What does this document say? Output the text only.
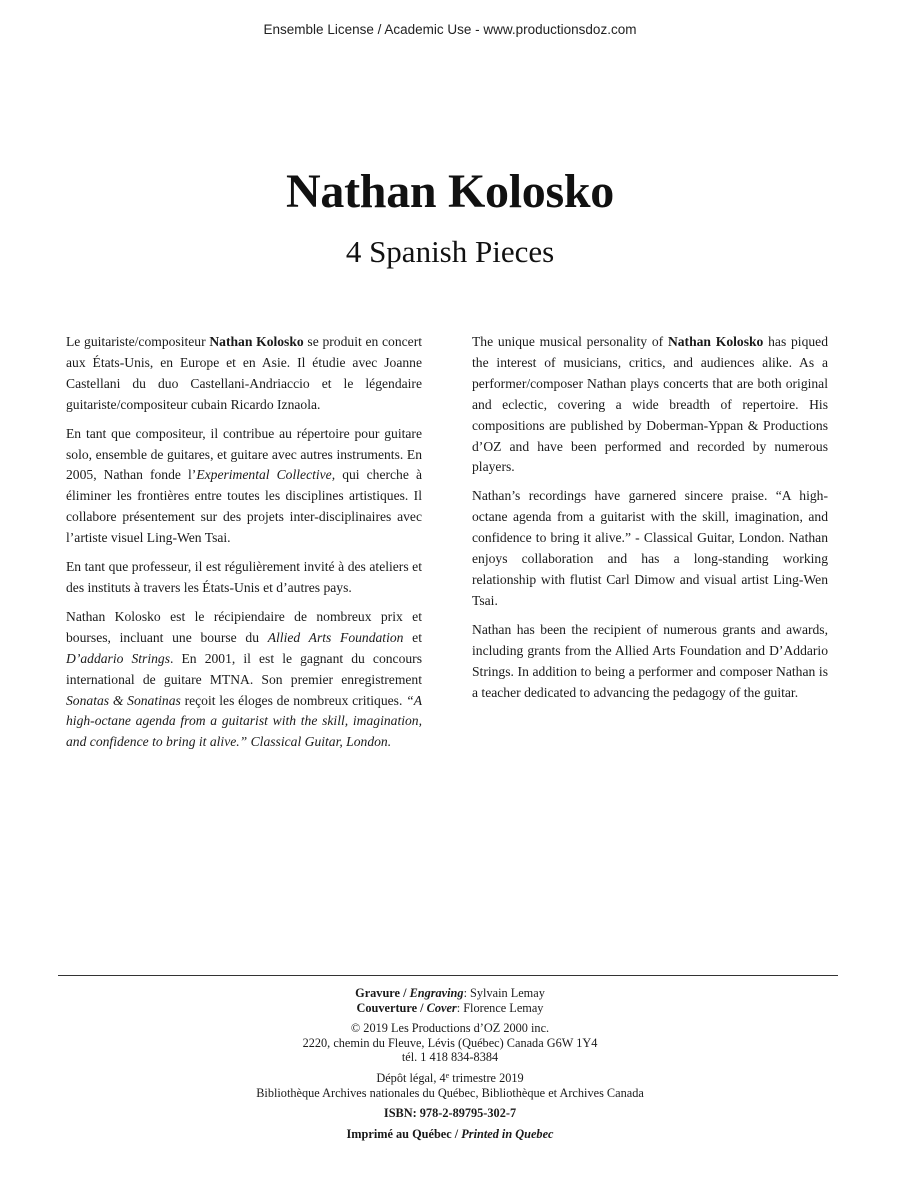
Ensemble License / Academic Use - www.productionsdoz.com
Nathan Kolosko
4 Spanish Pieces

Le guitariste/compositeur Nathan Kolosko se produit en concert aux États-Unis, en Europe et en Asie. Il étudie avec Joanne Castellani du duo Castellani-Andriaccio et le légendaire guitariste/compositeur cubain Ricardo Iznaola.

En tant que compositeur, il contribue au répertoire pour guitare solo, ensemble de guitares, et guitare avec autres instruments. En 2005, Nathan fonde l’Experimental Collective, qui cherche à éliminer les frontières entre toutes les disciplines artistiques. Il collabore présentement sur des projets inter-disciplinaires avec l’artiste visuel Ling-Wen Tsai.

En tant que professeur, il est régulièrement invité à des ateliers et des instituts à travers les États-Unis et d’autres pays.

Nathan Kolosko est le récipiendaire de nombreux prix et bourses, incluant une bourse du Allied Arts Foundation et D’addario Strings. En 2001, il est le gagnant du concours international de guitare MTNA. Son premier enregistrement Sonatas & Sonatinas reçoit les éloges de nombreux critiques. “A high-octane agenda from a guitarist with the skill, imagination, and confidence to bring it alive.” Classical Guitar, London.

The unique musical personality of Nathan Kolosko has piqued the interest of musicians, critics, and audiences alike. As a performer/composer Nathan plays concerts that are both original and eclectic, covering a wide breadth of repertoire. His compositions are published by Doberman-Yppan & Productions d’OZ and have been performed and recorded by numerous players.

Nathan’s recordings have garnered sincere praise. “A high-octane agenda from a guitarist with the skill, imagination, and confidence to bring it alive.” - Classical Guitar, London. Nathan enjoys collaboration and has a long-standing working relationship with flutist Carl Dimow and visual artist Ling-Wen Tsai.

Nathan has been the recipient of numerous grants and awards, including grants from the Allied Arts Foundation and D’Addario Strings. In addition to being a performer and composer Nathan is a teacher dedicated to advancing the pedagogy of the guitar.

Gravure / Engraving: Sylvain Lemay
Couverture / Cover: Florence Lemay
© 2019 Les Productions d’OZ 2000 inc.
2220, chemin du Fleuve, Lévis (Québec) Canada G6W 1Y4
tél. 1 418 834-8384
Dépôt légal, 4e trimestre 2019
Bibliothèque Archives nationales du Québec, Bibliothèque et Archives Canada
ISBN: 978-2-89795-302-7
Imprimé au Québec / Printed in Quebec
